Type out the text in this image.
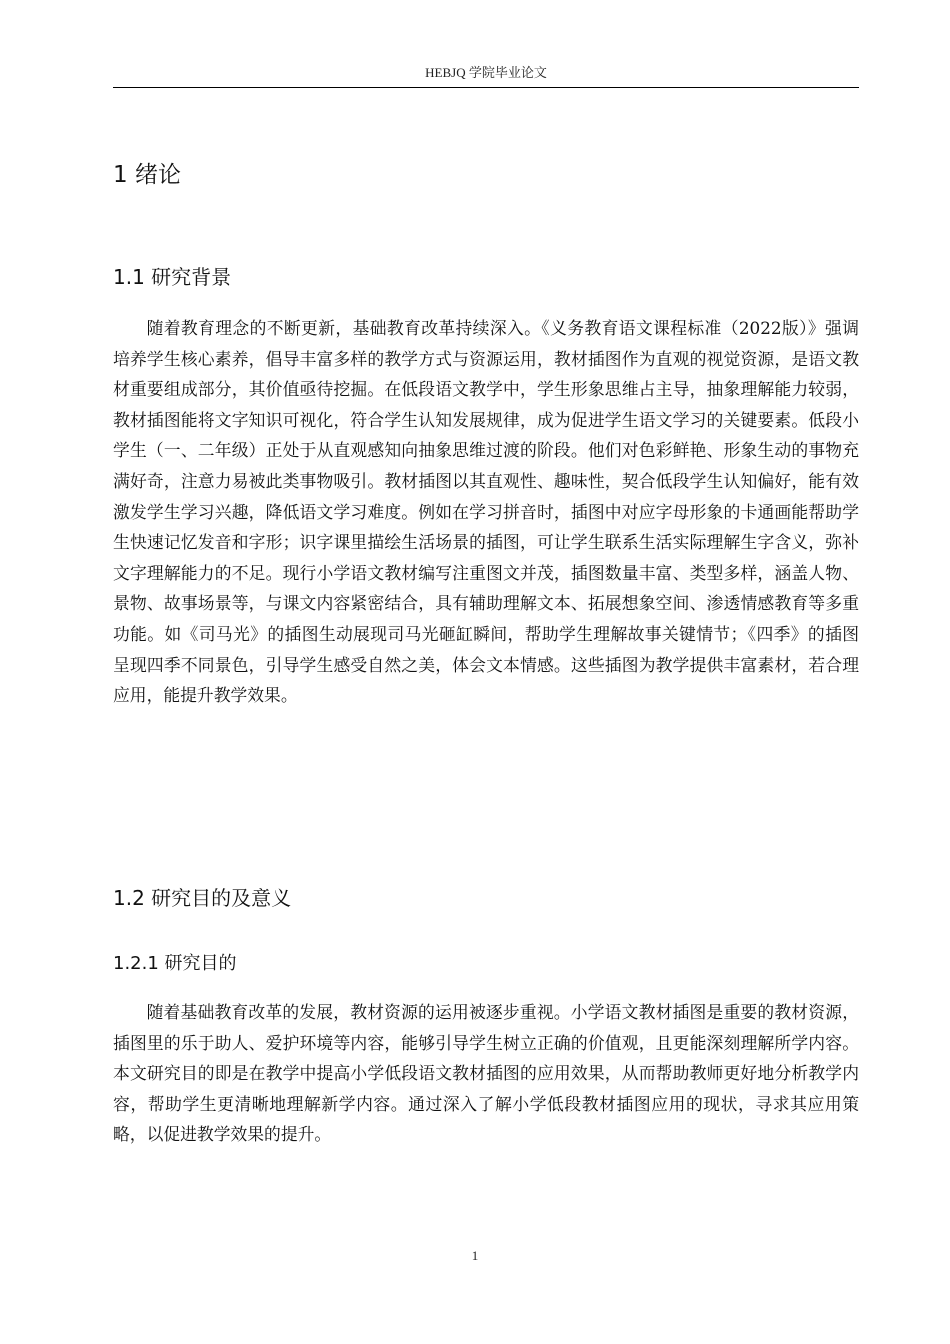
HEBJQ 学院毕业论文
1 绪论
1.1 研究背景

随着教育理念的不断更新，基础教育改革持续深入。《义务教育语文课程标准（2022版）》强调培养学生核心素养，倡导丰富多样的教学方式与资源运用，教材插图作为直观的视觉资源，是语文教材重要组成部分，其价值亟待挖掘。在低段语文教学中，学生形象思维占主导，抽象理解能力较弱，教材插图能将文字知识可视化，符合学生认知发展规律，成为促进学生语文学习的关键要素。低段小学生（一、二年级）正处于从直观感知向抽象思维过渡的阶段。他们对色彩鲜艳、形象生动的事物充满好奇，注意力易被此类事物吸引。教材插图以其直观性、趣味性，契合低段学生认知偏好，能有效激发学生学习兴趣，降低语文学习难度。例如在学习拼音时，插图中对应字母形象的卡通画能帮助学生快速记忆发音和字形；识字课里描绘生活场景的插图，可让学生联系生活实际理解生字含义，弥补文字理解能力的不足。现行小学语文教材编写注重图文并茂，插图数量丰富、类型多样，涵盖人物、景物、故事场景等，与课文内容紧密结合，具有辅助理解文本、拓展想象空间、渗透情感教育等多重功能。如《司马光》的插图生动展现司马光砸缸瞬间，帮助学生理解故事关键情节；《四季》的插图呈现四季不同景色，引导学生感受自然之美，体会文本情感。这些插图为教学提供丰富素材，若合理应用，能提升教学效果。

1.2 研究目的及意义
1.2.1 研究目的

随着基础教育改革的发展，教材资源的运用被逐步重视。小学语文教材插图是重要的教材资源，插图里的乐于助人、爱护环境等内容，能够引导学生树立正确的价值观，且更能深刻理解所学内容。本文研究目的即是在教学中提高小学低段语文教材插图的应用效果，从而帮助教师更好地分析教学内容，帮助学生更清晰地理解新学内容。通过深入了解小学低段教材插图应用的现状，寻求其应用策略，以促进教学效果的提升。

1
